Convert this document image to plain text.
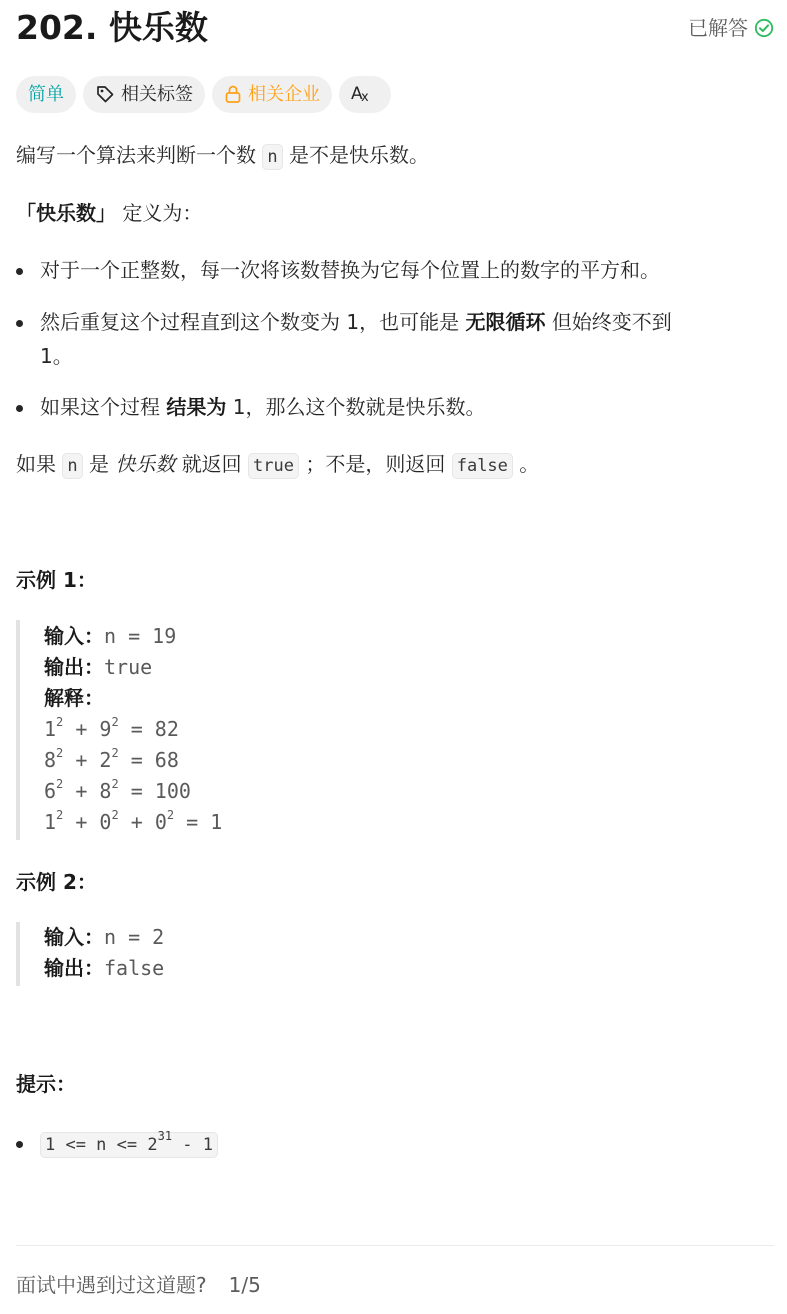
202. 快乐数	已解答
简单	相关标签	相关企业 A
x
编写一个算法来判断一个数 n 是不是快乐数。
「快乐数」 定义为：
对于一个正整数，每一次将该数替换为它每个位置上的数字的平方和。
然后重复这个过程直到这个数变为 1，也可能是 无限循环 但始终变不到
1。
如果这个过程 结果为 1，那么这个数就是快乐数。
如果 n 是 快乐数 就返回 true ；不是，则返回 false 。
示例 1：
输入：n = 19
输出：true
解释：
$1^2 + 9^2 = 82$
$8^2 + 2^2 = 68$
$6^2 + 8^2 = 100$
$1^2 + 0^2 + 0^2 = 1$
示例 2：
输入：n = 2
输出：false
提示：
$1 <= n <= 2^{31} - 1$
面试中遇到过这道题? 1/5
